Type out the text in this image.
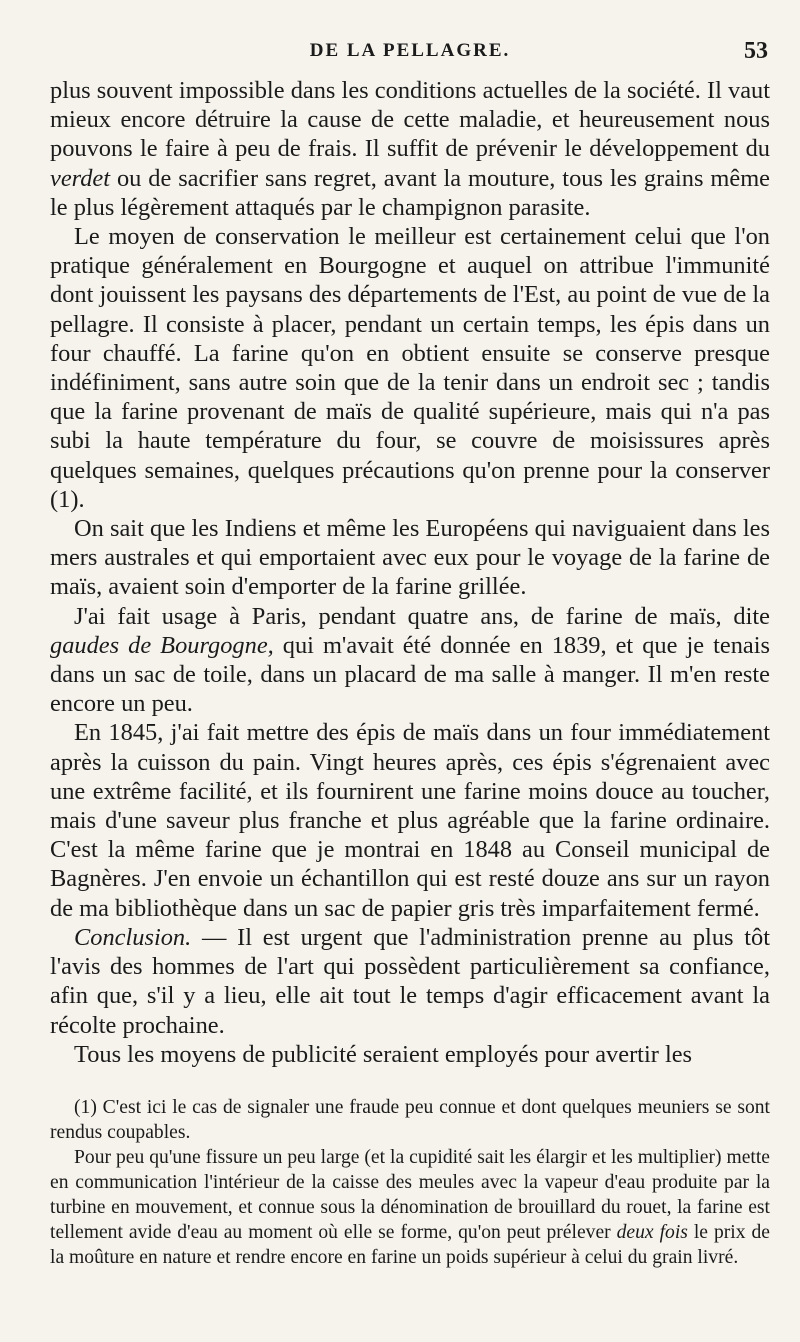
DE LA PELLAGRE.	53

plus souvent impossible dans les conditions actuelles de la société. Il vaut mieux encore détruire la cause de cette maladie, et heureusement nous pouvons le faire à peu de frais. Il suffit de prévenir le développement du verdet ou de sacrifier sans regret, avant la mouture, tous les grains même le plus légèrement attaqués par le champignon parasite.

Le moyen de conservation le meilleur est certainement celui que l'on pratique généralement en Bourgogne et auquel on attribue l'immunité dont jouissent les paysans des départements de l'Est, au point de vue de la pellagre. Il consiste à placer, pendant un certain temps, les épis dans un four chauffé. La farine qu'on en obtient ensuite se conserve presque indéfiniment, sans autre soin que de la tenir dans un endroit sec ; tandis que la farine provenant de maïs de qualité supérieure, mais qui n'a pas subi la haute température du four, se couvre de moisissures après quelques semaines, quelques précautions qu'on prenne pour la conserver (1).

On sait que les Indiens et même les Européens qui naviguaient dans les mers australes et qui emportaient avec eux pour le voyage de la farine de maïs, avaient soin d'emporter de la farine grillée.

J'ai fait usage à Paris, pendant quatre ans, de farine de maïs, dite gaudes de Bourgogne, qui m'avait été donnée en 1839, et que je tenais dans un sac de toile, dans un placard de ma salle à manger. Il m'en reste encore un peu.

En 1845, j'ai fait mettre des épis de maïs dans un four immédiatement après la cuisson du pain. Vingt heures après, ces épis s'égrenaient avec une extrême facilité, et ils fournirent une farine moins douce au toucher, mais d'une saveur plus franche et plus agréable que la farine ordinaire. C'est la même farine que je montrai en 1848 au Conseil municipal de Bagnères. J'en envoie un échantillon qui est resté douze ans sur un rayon de ma bibliothèque dans un sac de papier gris très imparfaitement fermé.

Conclusion. — Il est urgent que l'administration prenne au plus tôt l'avis des hommes de l'art qui possèdent particulièrement sa confiance, afin que, s'il y a lieu, elle ait tout le temps d'agir efficacement avant la récolte prochaine.

Tous les moyens de publicité seraient employés pour avertir les

(1) C'est ici le cas de signaler une fraude peu connue et dont quelques meuniers se sont rendus coupables.

Pour peu qu'une fissure un peu large (et la cupidité sait les élargir et les multiplier) mette en communication l'intérieur de la caisse des meules avec la vapeur d'eau produite par la turbine en mouvement, et connue sous la dénomination de brouillard du rouet, la farine est tellement avide d'eau au moment où elle se forme, qu'on peut prélever deux fois le prix de la moûture en nature et rendre encore en farine un poids supérieur à celui du grain livré.
